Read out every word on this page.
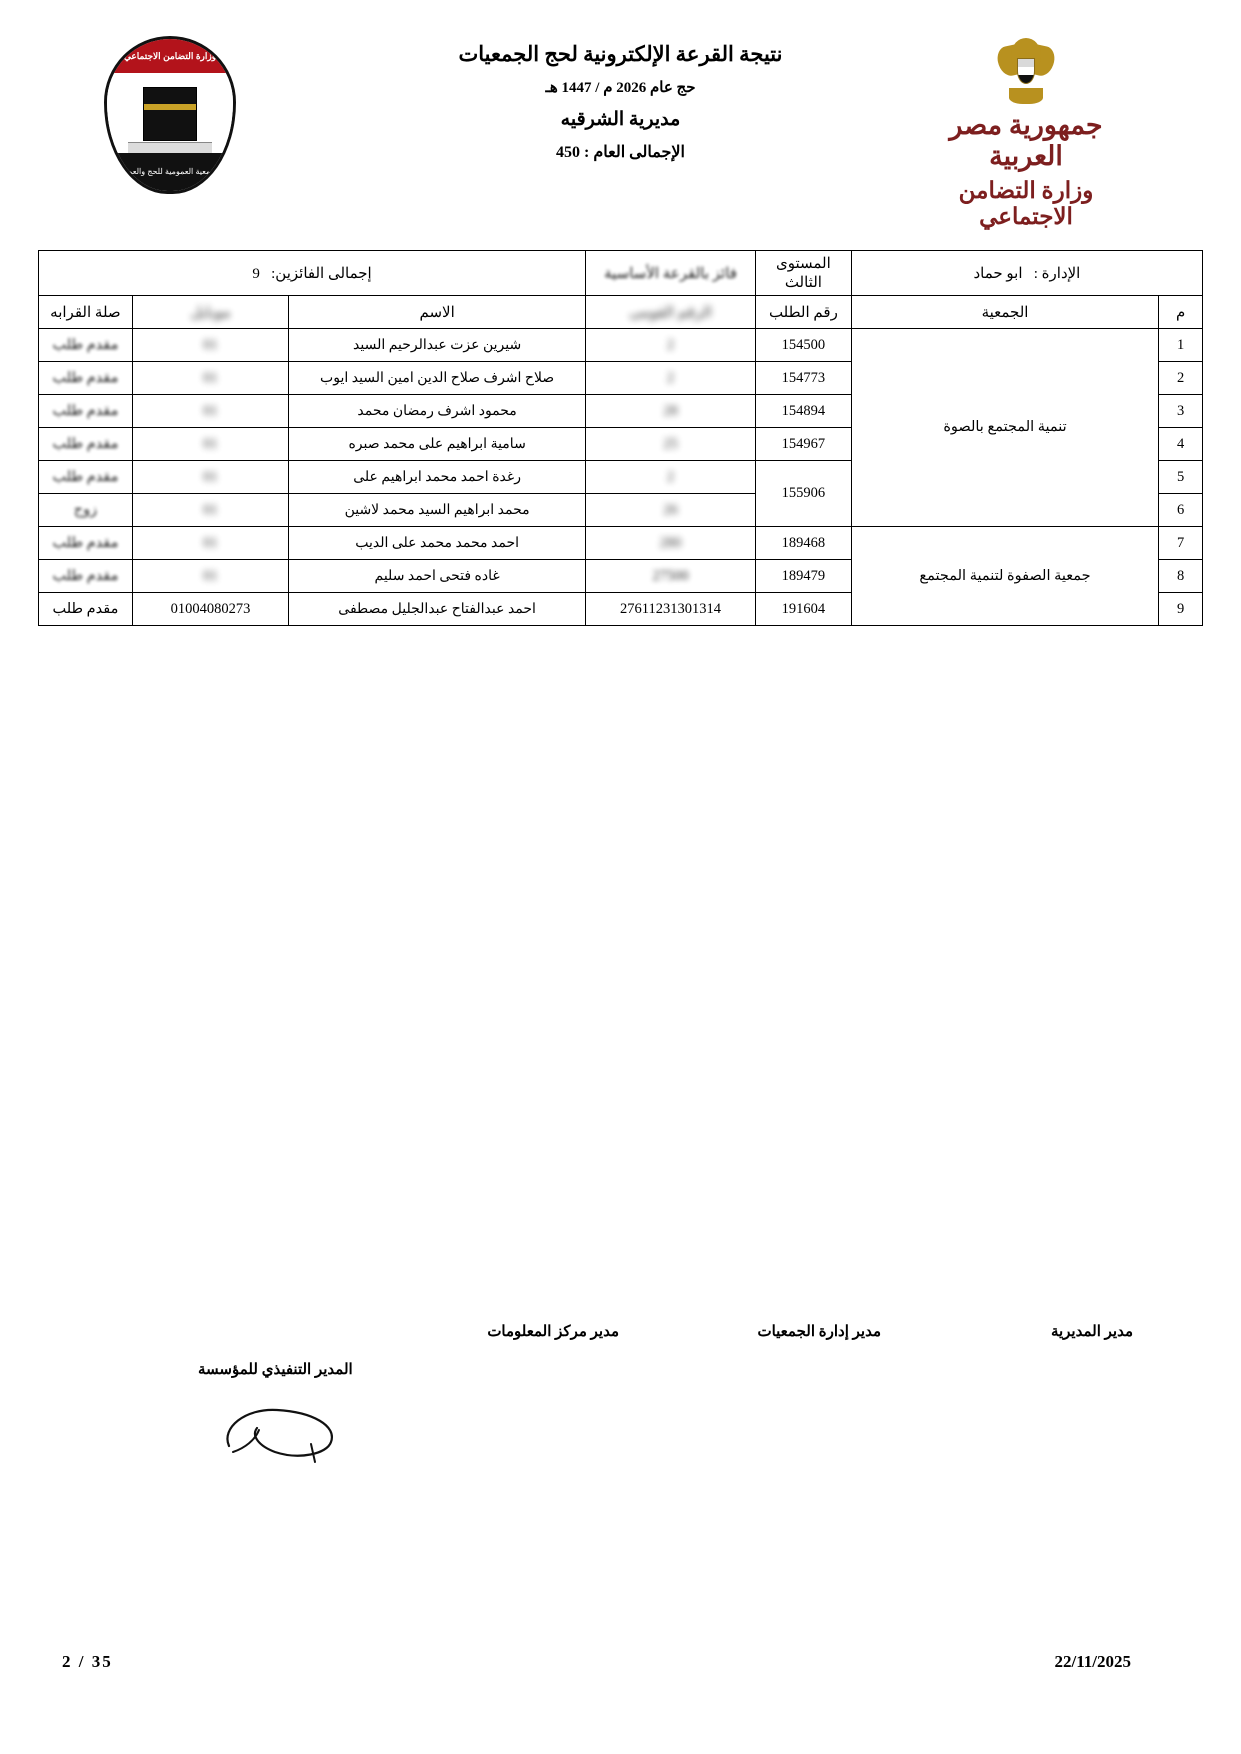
وزارة التضامن الاجتماعي
الجمعية العمومية للحج والعمرة
نتيجة القرعة الإلكترونية لحج الجمعيات
حج عام 2026 م / 1447 هـ
مديرية الشرقيه
الإجمالى العام : 450
جمهورية مصر العربية
وزارة التضامن الاجتماعي
الإدارة :   ابو حماد		المستوى الثالث	فائز بالقرعة الأساسية	إجمالى الفائزين:   9		
م	الجمعية	رقم الطلب	الرقم القومى	الاسم	موبايل	صلة القرابه
1	تنمية المجتمع بالصوة	154500	2	شيرين عزت عبدالرحيم السيد	01	مقدم طلب
2		154773	2	صلاح اشرف صلاح الدين امين السيد ايوب	01	مقدم طلب
3		154894	28	محمود اشرف رمضان محمد	01	مقدم طلب
4		154967	25	سامية ابراهيم على محمد صبره	01	مقدم طلب
5		155906	2	رغدة احمد محمد ابراهيم على	01	مقدم طلب
6			26	محمد ابراهيم السيد محمد لاشين	01	زوج
7	جمعية الصفوة لتنمية المجتمع	189468	280	احمد محمد محمد على الديب	01	مقدم طلب
8		189479	27500	غاده فتحى احمد سليم	01	مقدم طلب
9		191604	27611231301314	احمد عبدالفتاح عبدالجليل مصطفى	01004080273	مقدم طلب
مدير المديرية
مدير إدارة الجمعيات
مدير مركز المعلومات
المدير التنفيذي للمؤسسة
2 / 35	22/11/2025
